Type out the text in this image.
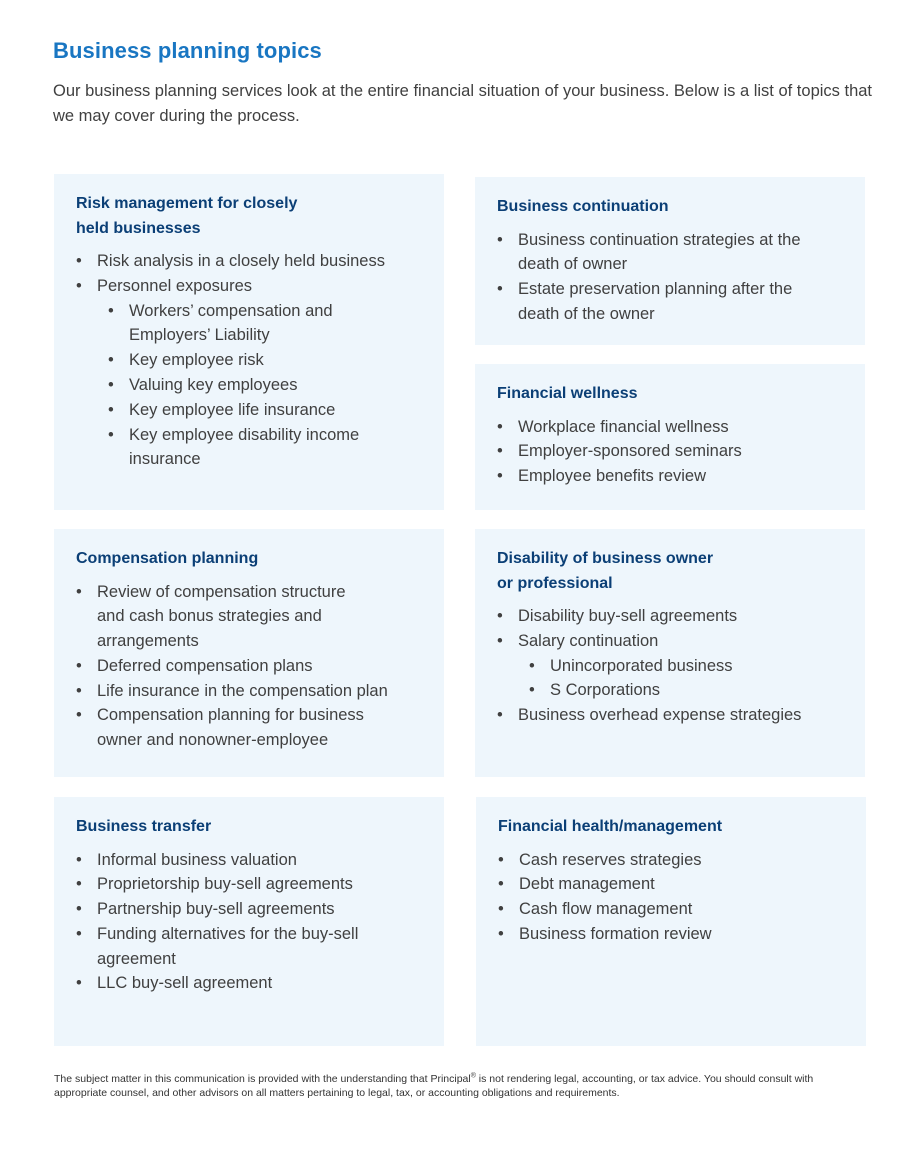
Business planning topics

Our business planning services look at the entire financial situation of your business. Below is a list of topics that we may cover during the process.

Risk management for closely
held businesses
• Risk analysis in a closely held business
• Personnel exposures
• Workers’ compensation and Employers’ Liability
• Key employee risk
• Valuing key employees
• Key employee life insurance
• Key employee disability income insurance
Business continuation
• Business continuation strategies at the death of owner
• Estate preservation planning after the death of the owner
Financial wellness
• Workplace financial wellness
• Employer-sponsored seminars
• Employee benefits review
Compensation planning
• Review of compensation structure and cash bonus strategies and arrangements
• Deferred compensation plans
• Life insurance in the compensation plan
• Compensation planning for business owner and nonowner-employee
Disability of business owner
or professional
• Disability buy-sell agreements
• Salary continuation
• Unincorporated business
• S Corporations
• Business overhead expense strategies
Business transfer
• Informal business valuation
• Proprietorship buy-sell agreements
• Partnership buy-sell agreements
• Funding alternatives for the buy-sell agreement
• LLC buy-sell agreement
Financial health/management
• Cash reserves strategies
• Debt management
• Cash flow management
• Business formation review

The subject matter in this communication is provided with the understanding that Principal® is not rendering legal, accounting, or tax advice. You should consult with appropriate counsel, and other advisors on all matters pertaining to legal, tax, or accounting obligations and requirements.
